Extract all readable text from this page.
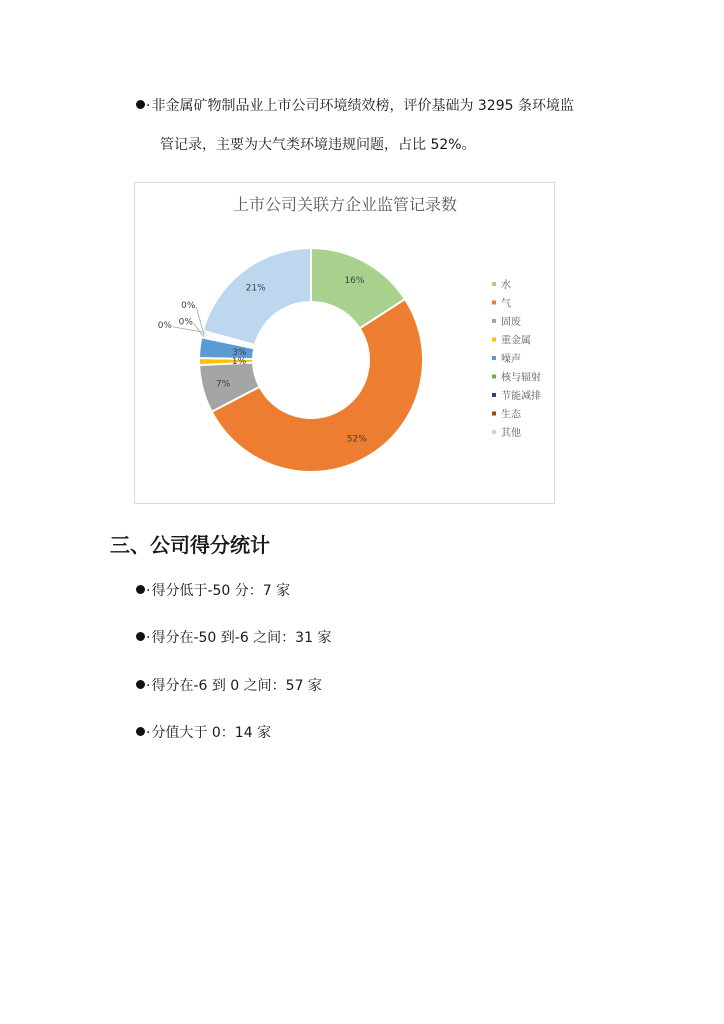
·非金属矿物制品业上市公司环境绩效榜，评价基础为 3295 条环境监
管记录，主要为大气类环境违规问题，占比 52%。
上市公司关联方企业监管记录数
16%
52%
7%
1%
3%
0%
0%
0%
21%	水
气
固废
重金属
噪声
核与辐射
节能减排
生态
其他
三、公司得分统计
·得分低于-50 分：7 家
·得分在-50 到-6 之间：31 家
·得分在-6 到 0 之间：57 家
·分值大于 0：14 家
